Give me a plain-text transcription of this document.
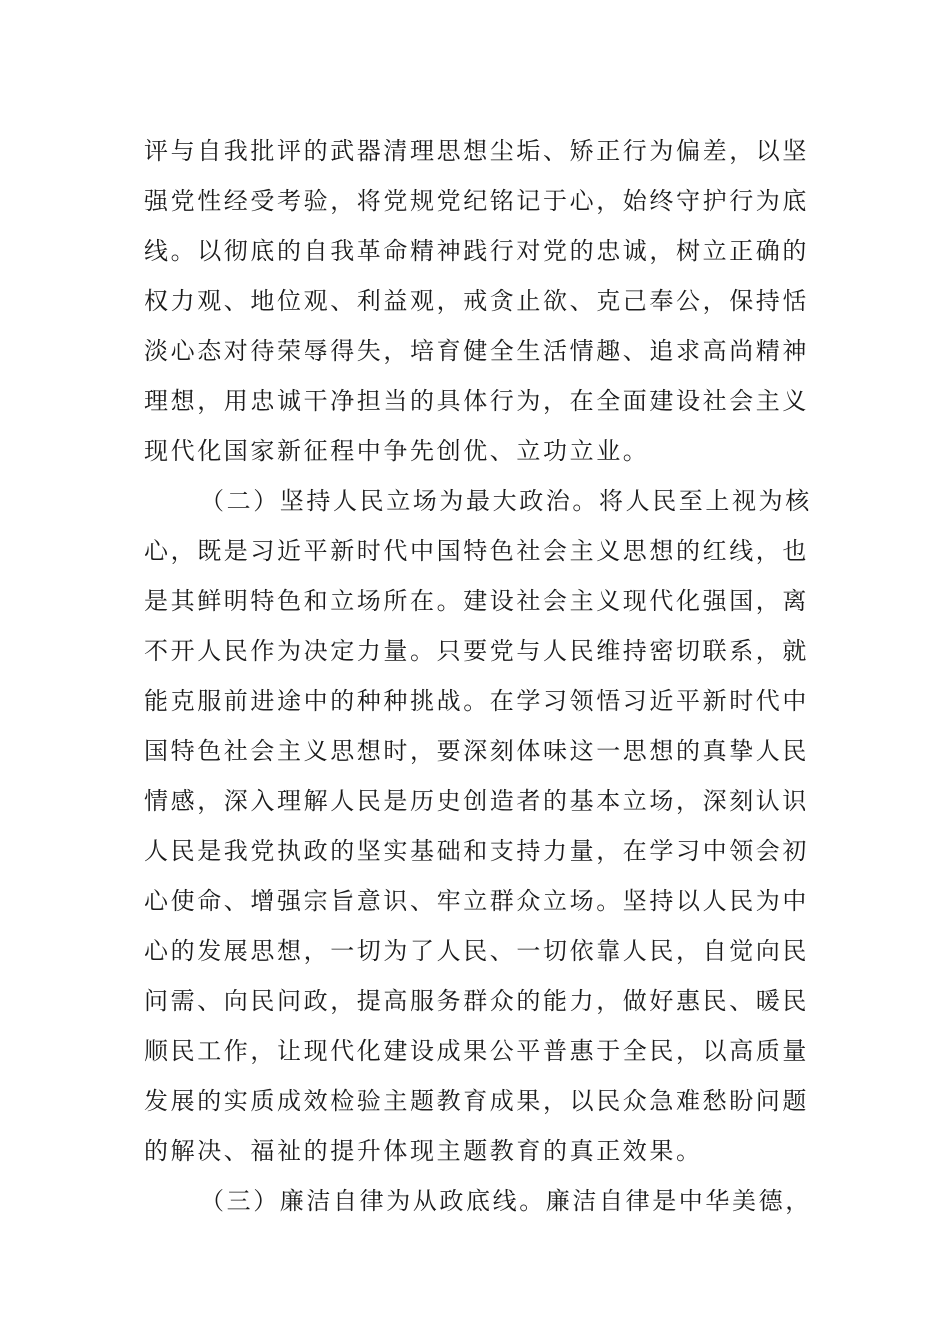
评与自我批评的武器清理思想尘垢、矫正行为偏差，以坚
强党性经受考验，将党规党纪铭记于心，始终守护行为底
线。以彻底的自我革命精神践行对党的忠诚，树立正确的
权力观、地位观、利益观，戒贪止欲、克己奉公，保持恬
淡心态对待荣辱得失，培育健全生活情趣、追求高尚精神
理想，用忠诚干净担当的具体行为，在全面建设社会主义
现代化国家新征程中争先创优、立功立业。
（二）坚持人民立场为最大政治。将人民至上视为核
心，既是习近平新时代中国特色社会主义思想的红线，也
是其鲜明特色和立场所在。建设社会主义现代化强国，离
不开人民作为决定力量。只要党与人民维持密切联系，就
能克服前进途中的种种挑战。在学习领悟习近平新时代中
国特色社会主义思想时，要深刻体味这一思想的真挚人民
情感，深入理解人民是历史创造者的基本立场，深刻认识
人民是我党执政的坚实基础和支持力量，在学习中领会初
心使命、增强宗旨意识、牢立群众立场。坚持以人民为中
心的发展思想，一切为了人民、一切依靠人民，自觉向民
问需、向民问政，提高服务群众的能力，做好惠民、暖民
顺民工作，让现代化建设成果公平普惠于全民，以高质量
发展的实质成效检验主题教育成果，以民众急难愁盼问题
的解决、福祉的提升体现主题教育的真正效果。
（三）廉洁自律为从政底线。廉洁自律是中华美德，
